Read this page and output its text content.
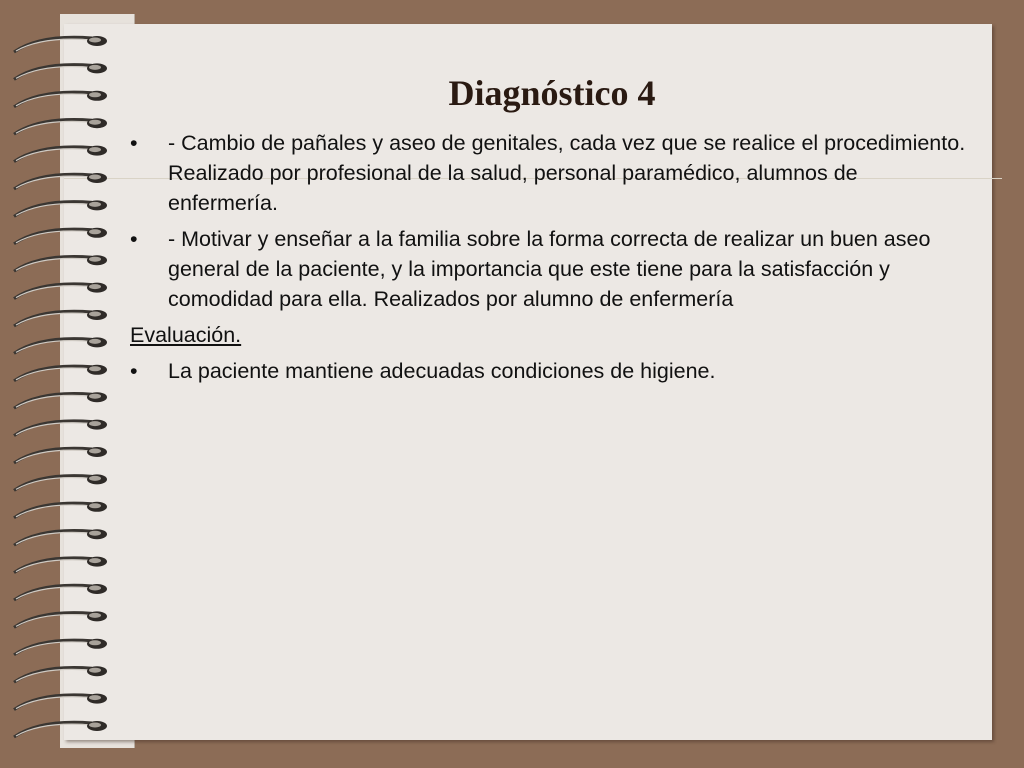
Diagnóstico 4
• - Cambio de pañales y aseo de genitales, cada vez que se realice el procedimiento. Realizado por profesional de la salud, personal paramédico, alumnos de enfermería.
• - Motivar y enseñar a la familia sobre la forma correcta de realizar un buen aseo general de la paciente, y la importancia que este tiene para la satisfacción y comodidad para ella. Realizados por alumno de enfermería
Evaluación.
• La paciente mantiene adecuadas condiciones de higiene.
